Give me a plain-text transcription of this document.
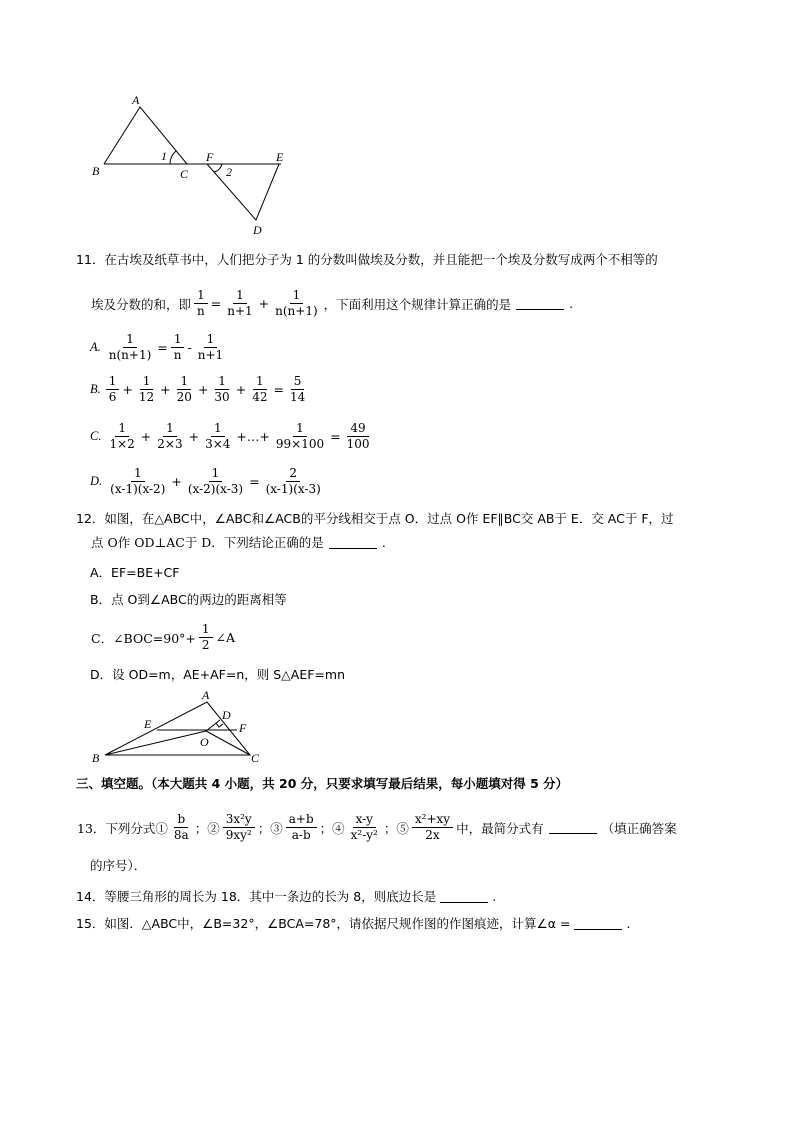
A
B	C
F	E
D
1
2
11．在古埃及纸草书中，人们把分子为 1 的分数叫做埃及分数，并且能把一个埃及分数写成两个不相等的
埃及分数的和，即 $\frac{1}{n} = \frac{1}{n+1} + \frac{1}{n(n+1)}$ ，下面利用这个规律计算正确的是	.
A. $\frac{1}{n(n+1)} = \frac{1}{n} - \frac{1}{n+1}$
B. $\frac{1}{6} + \frac{1}{12} + \frac{1}{20} + \frac{1}{30} + \frac{1}{42} = \frac{5}{14}$
C. $\frac{1}{1\times 2} + \frac{1}{2\times 3} + \frac{1}{3\times 4}$ +…+ $\frac{1}{99\times 100} = \frac{49}{100}$
D. $\frac{1}{(x-1)(x-2)} + \frac{1}{(x-2)(x-3)} = \frac{2}{(x-1)(x-3)}$
12．如图，在△ABC中，∠ABC和∠ACB的平分线相交于点 O．过点 O作 EF∥BC交 AB于 E．交 AC于 F，过
点 O作 OD⊥AC于 D．下列结论正确的是	.
A．EF=BE+CF
B．点 O到∠ABC的两边的距离相等
C．∠BOC=90°+ $\frac{1}{2}$ ∠A
D．设 OD=m，AE+AF=n，则 S△AEF=mn
A
B	C
D
E	F
O
三、填空题。（本大题共 4 小题，共 20 分，只要求填写最后结果，每小题填对得 5 分）
13．下列分式① $\frac{b}{8a}$ ；② $\frac{\text{3x²y}}{\text{9xy²}}$ ；③ $\frac{a+b}{a-b}$ ；④ $\frac{x-y}{\text{x²-y²}}$ ；⑤ $\frac{\text{x²+xy}}{2x}$ 中，最简分式有	（填正确答案
的序号）．
14．等腰三角形的周长为 18．其中一条边的长为 8，则底边长是	.
15．如图．△ABC中，∠B=32°，∠BCA=78°，请依据尺规作图的作图痕迹，计算∠α =	.
